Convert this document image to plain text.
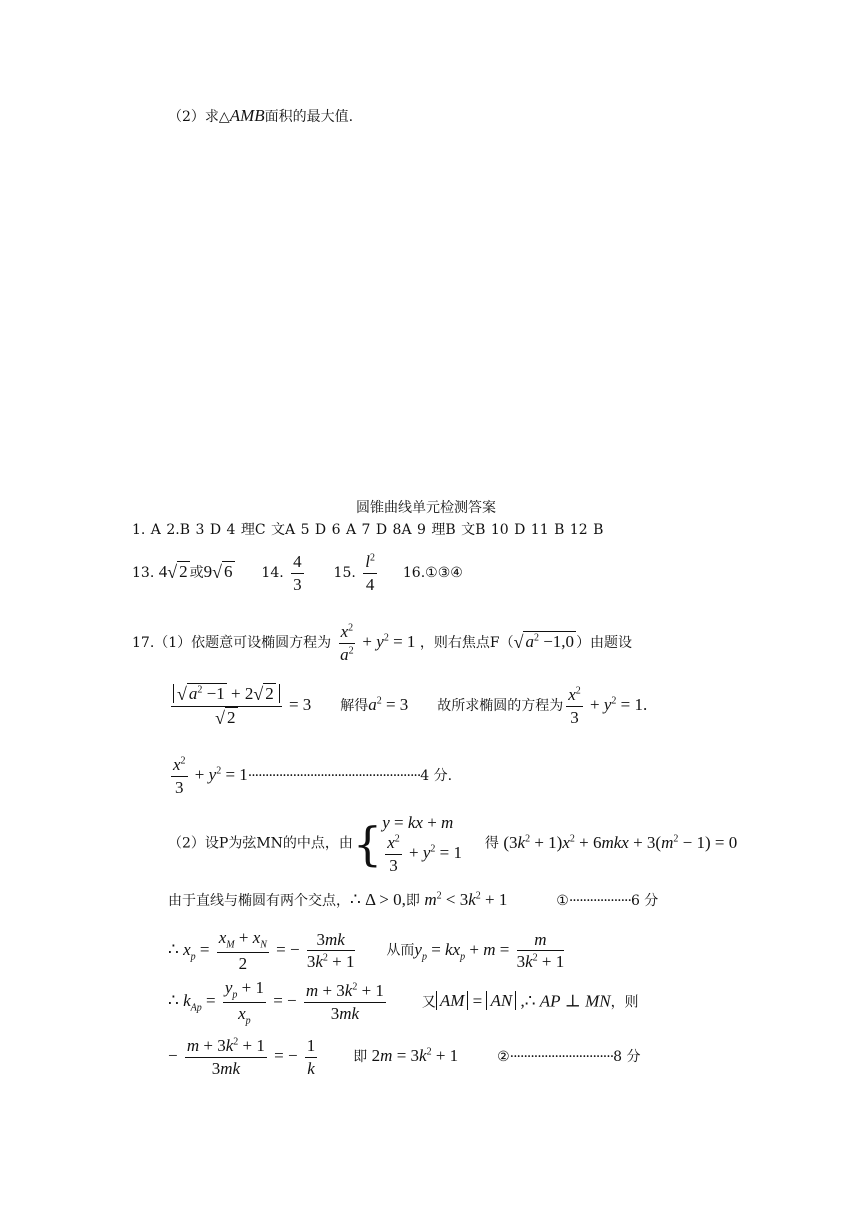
（2）求△AMB面积的最大值.
圆锥曲线单元检测答案
1. A 2.B 3 D 4 理C 文A 5 D 6 A 7 D 8A 9 理B 文B 10 D 11 B 12 B
13. 4√ 2 或9√ 6 14. $\frac{4}{3} 15$. $\frac{l^2}{4}$ 16.①③④
17.（1）依题意可设椭圆方程为 $\frac{x^2}{a^2} + y^2 = 1$ ，则右焦点F（√ $a^2 -1,0$ ）由题设
$\frac{√ a^2 -1 + 2√ 2}{√ 2} = 3$ 解得$a^2 = 3$ 故所求椭圆的方程为 $\frac{x^2}{3} + y^2 = 1$.
$\frac{x^2}{3} + y^2 = 1\cdot\cdot\cdot\cdot\cdot\cdot\cdot\cdot\cdot\cdot\cdot\cdot\cdot\cdot\cdot\cdot\cdot\cdot\cdot\cdot\cdot\cdot\cdot\cdot\cdot\cdot\cdot\cdot\cdot\cdot\cdot\cdot\cdot\cdot\cdot\cdot\cdot\cdot\cdot\cdot\cdot\cdot\cdot\cdot\cdot\cdot\cdot\cdot\cdot\cdot 4$ 分.
（2）设P为弦MN的中点，由{ y = kx + m
$\frac{x^2}{3} + y^2 = 1$ 得 $(3k^2 + 1)x^2 + 6mkx + 3(m^2 - 1) = 0$
由于直线与椭圆有两个交点，∴ Δ > 0,即 $m^2 < 3k^2 + 1$	①··················6 分
∴ $x_p = \frac{x_M + x_N}{2}$ = − $\frac{3mk}{3k^2 + 1}$ 从而$y_p = kx_p + m = \frac{m}{3k^2 + 1}$
∴ $k_{Ap} = \frac{y_p + 1}{x_p}$ = − $\frac{m + 3k^2 + 1}{3mk}$	又 AM = AN ,∴ AP ⊥ MN，则
− $\frac{m + 3k^2 + 1}{3mk}$ = − $\frac{1}{k}$	即 $2m = 3k^2 + 1$	②······························8 分
